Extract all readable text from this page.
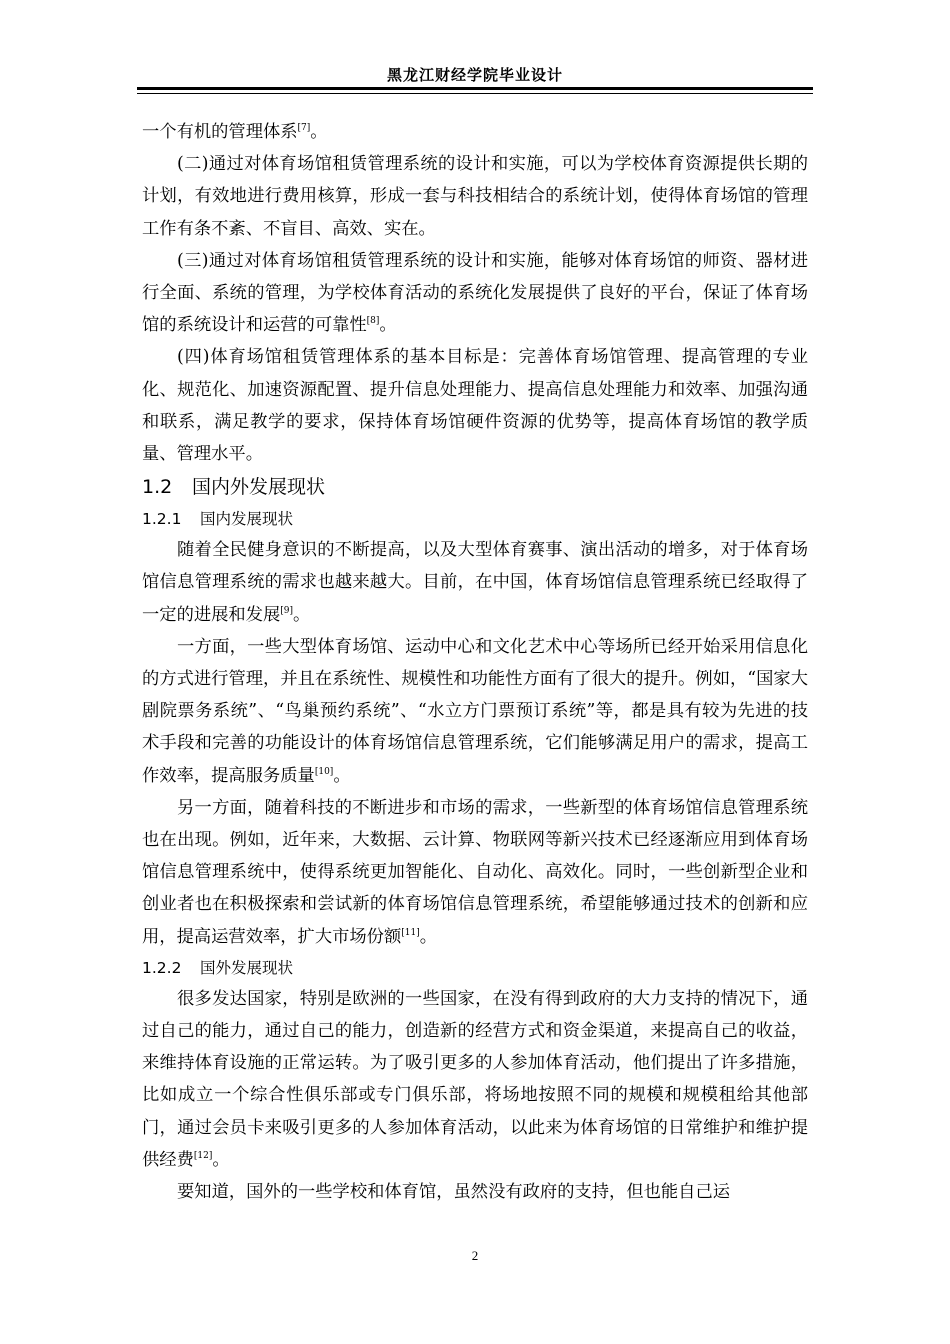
黑龙江财经学院毕业设计

一个有机的管理体系[7]。

(二)通过对体育场馆租赁管理系统的设计和实施，可以为学校体育资源提供长期的计划，有效地进行费用核算，形成一套与科技相结合的系统计划，使得体育场馆的管理工作有条不紊、不盲目、高效、实在。

(三)通过对体育场馆租赁管理系统的设计和实施，能够对体育场馆的师资、器材进行全面、系统的管理，为学校体育活动的系统化发展提供了良好的平台，保证了体育场馆的系统设计和运营的可靠性[8]。

(四)体育场馆租赁管理体系的基本目标是：完善体育场馆管理、提高管理的专业化、规范化、加速资源配置、提升信息处理能力、提高信息处理能力和效率、加强沟通和联系，满足教学的要求，保持体育场馆硬件资源的优势等，提高体育场馆的教学质量、管理水平。

1.2 国内外发展现状
1.2.1 国内发展现状

随着全民健身意识的不断提高，以及大型体育赛事、演出活动的增多，对于体育场馆信息管理系统的需求也越来越大。目前，在中国，体育场馆信息管理系统已经取得了一定的进展和发展[9]。

一方面，一些大型体育场馆、运动中心和文化艺术中心等场所已经开始采用信息化的方式进行管理，并且在系统性、规模性和功能性方面有了很大的提升。例如，“国家大剧院票务系统”、“鸟巢预约系统”、“水立方门票预订系统”等，都是具有较为先进的技术手段和完善的功能设计的体育场馆信息管理系统，它们能够满足用户的需求，提高工作效率，提高服务质量[10]。

另一方面，随着科技的不断进步和市场的需求，一些新型的体育场馆信息管理系统也在出现。例如，近年来，大数据、云计算、物联网等新兴技术已经逐渐应用到体育场馆信息管理系统中，使得系统更加智能化、自动化、高效化。同时，一些创新型企业和创业者也在积极探索和尝试新的体育场馆信息管理系统，希望能够通过技术的创新和应用，提高运营效率，扩大市场份额[11]。

1.2.2 国外发展现状

很多发达国家，特别是欧洲的一些国家，在没有得到政府的大力支持的情况下，通过自己的能力，通过自己的能力，创造新的经营方式和资金渠道，来提高自己的收益，来维持体育设施的正常运转。为了吸引更多的人参加体育活动，他们提出了许多措施，比如成立一个综合性俱乐部或专门俱乐部，将场地按照不同的规模和规模租给其他部门，通过会员卡来吸引更多的人参加体育活动，以此来为体育场馆的日常维护和维护提供经费[12]。

要知道，国外的一些学校和体育馆，虽然没有政府的支持，但也能自己运

2
